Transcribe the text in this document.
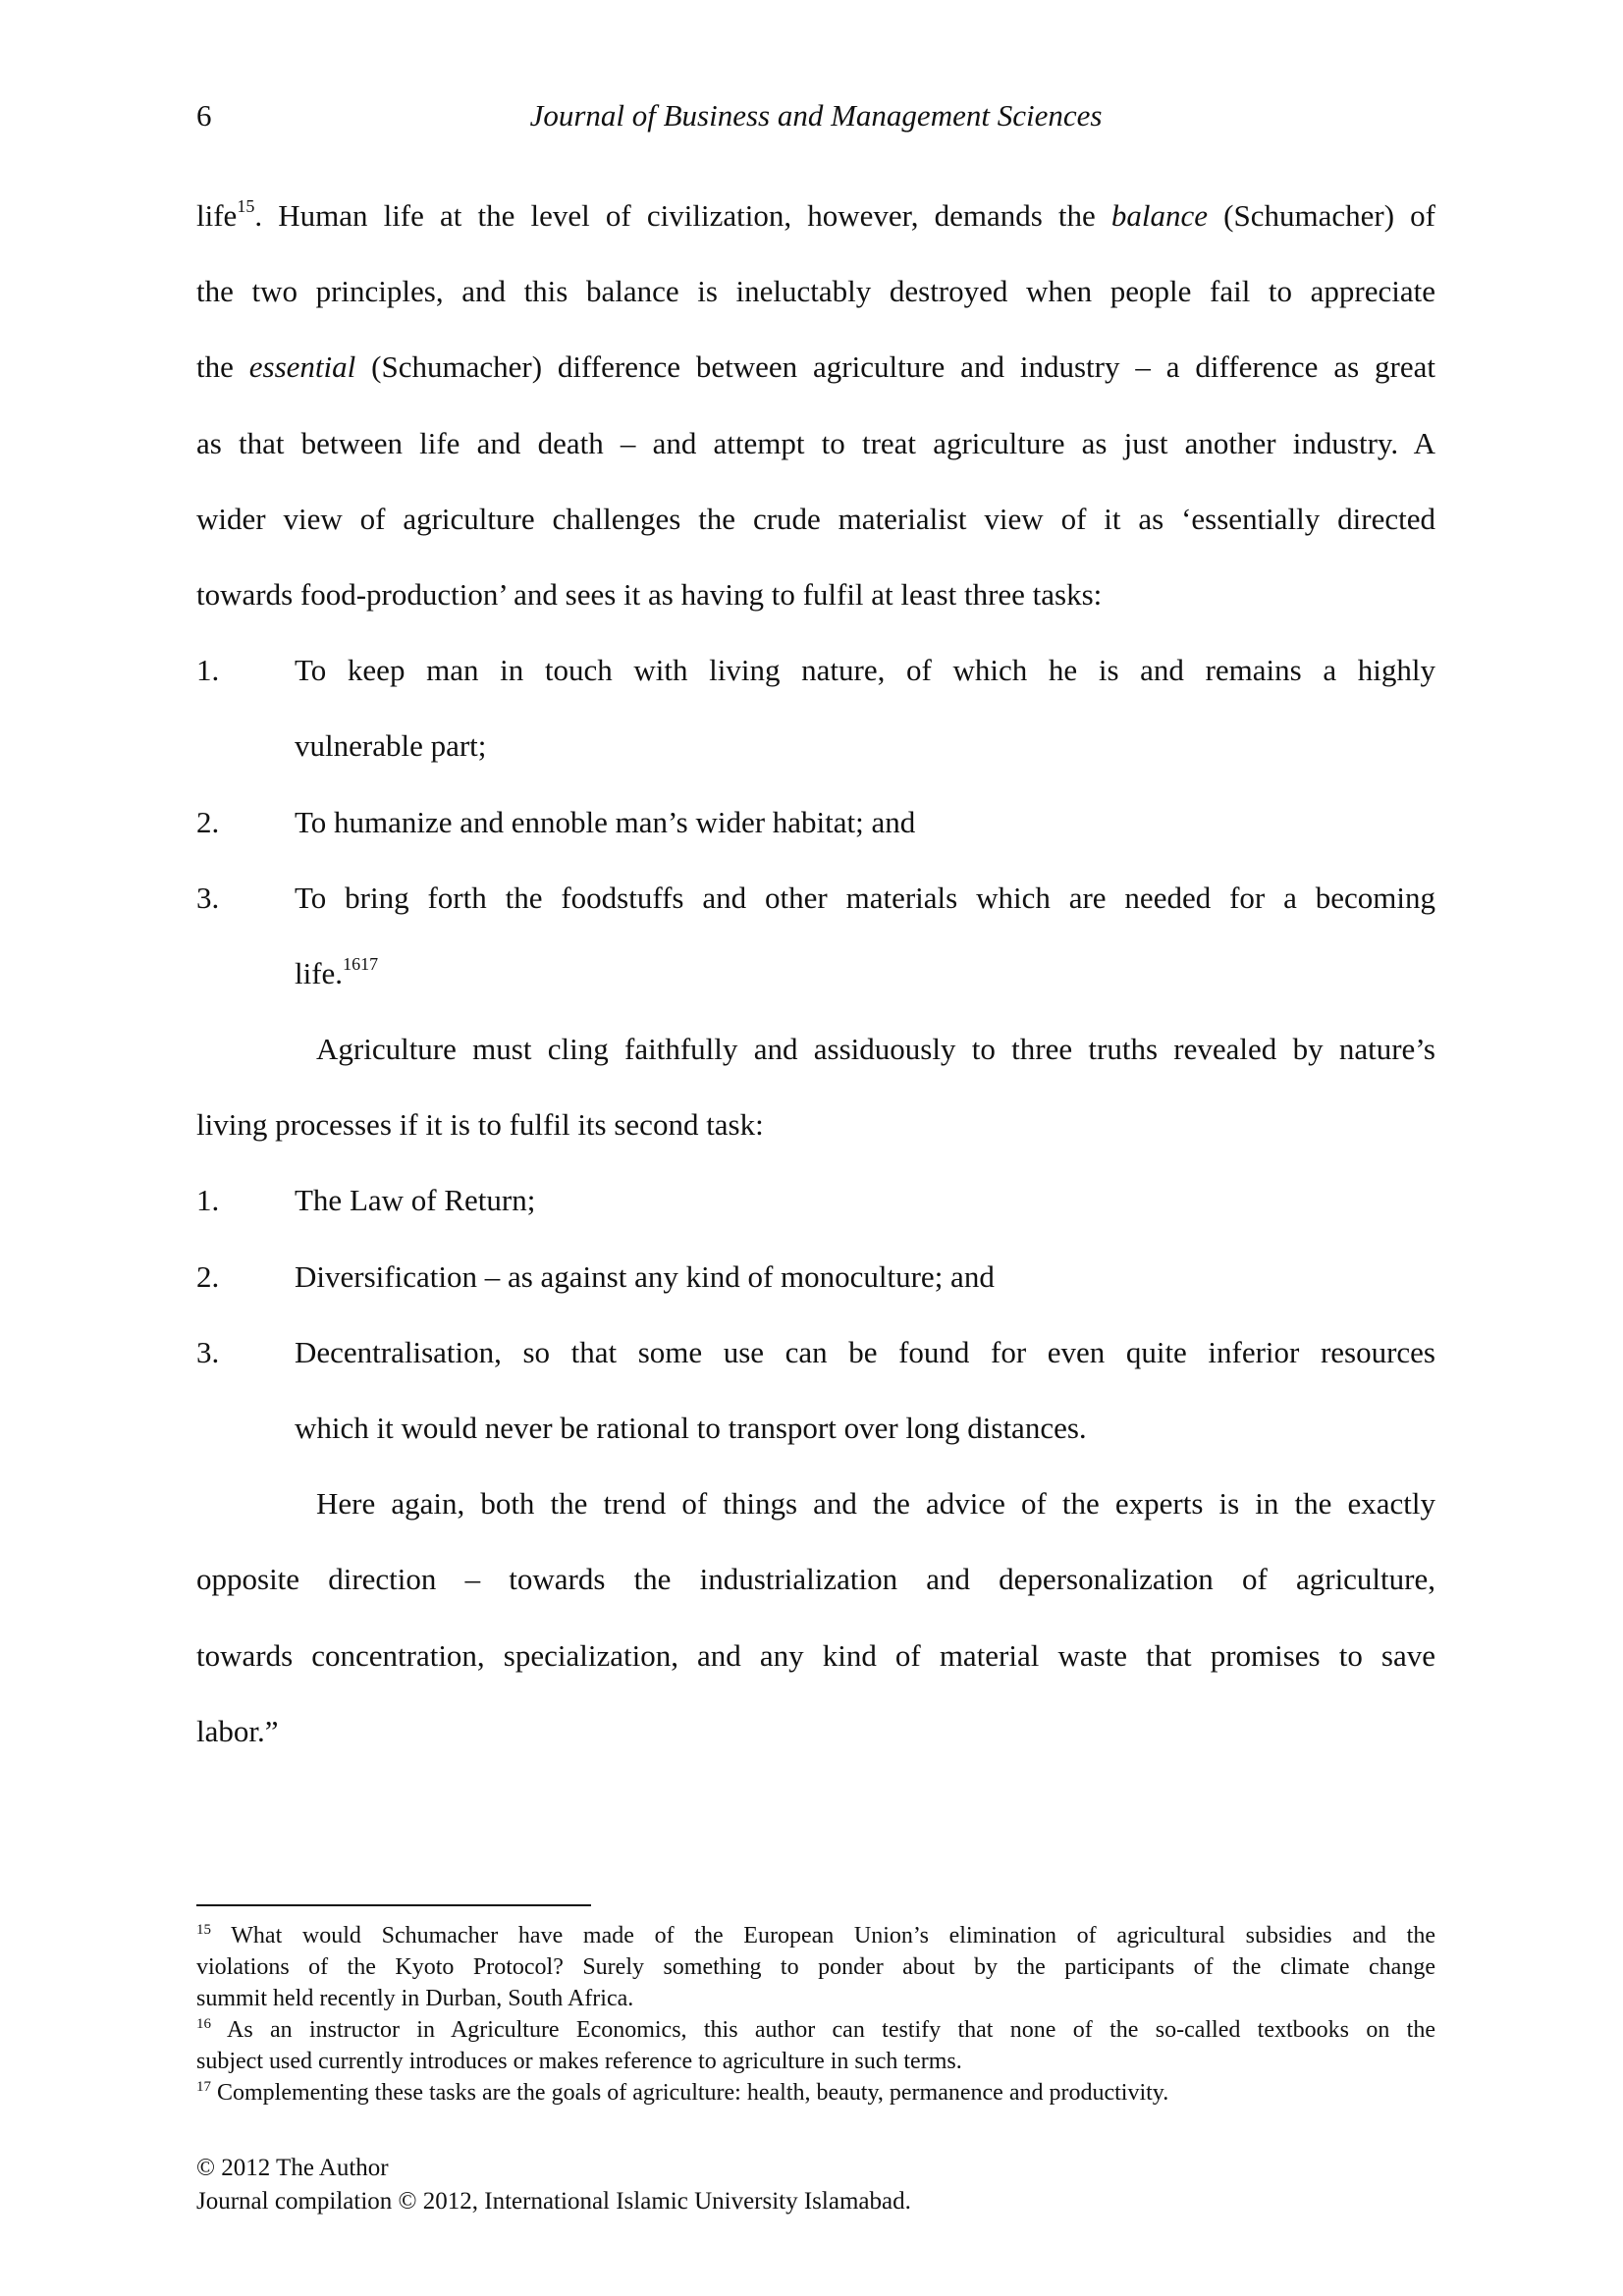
6	Journal of Business and Management Sciences
life$^{15}$. Human life at the level of civilization, however, demands the balance (Schumacher) of
the two principles, and this balance is ineluctably destroyed when people fail to appreciate
the essential (Schumacher) difference between agriculture and industry – a difference as great
as that between life and death – and attempt to treat agriculture as just another industry. A
wider view of agriculture challenges the crude materialist view of it as ‘essentially directed
towards food-production’ and sees it as having to fulfil at least three tasks:
1. To keep man in touch with living nature, of which he is and remains a highly
vulnerable part;
2. To humanize and ennoble man’s wider habitat; and
3. To bring forth the foodstuffs and other materials which are needed for a becoming
life.$^{1617}$
Agriculture must cling faithfully and assiduously to three truths revealed by nature’s
living processes if it is to fulfil its second task:
1. The Law of Return;
2. Diversification – as against any kind of monoculture; and
3. Decentralisation, so that some use can be found for even quite inferior resources
which it would never be rational to transport over long distances.
Here again, both the trend of things and the advice of the experts is in the exactly
opposite direction – towards the industrialization and depersonalization of agriculture,
towards concentration, specialization, and any kind of material waste that promises to save
labor.”
$^{15}$ What would Schumacher have made of the European Union’s elimination of agricultural subsidies and the
violations of the Kyoto Protocol? Surely something to ponder about by the participants of the climate change
summit held recently in Durban, South Africa.
$^{16}$ As an instructor in Agriculture Economics, this author can testify that none of the so-called textbooks on the
subject used currently introduces or makes reference to agriculture in such terms.
$^{17}$ Complementing these tasks are the goals of agriculture: health, beauty, permanence and productivity.
© 2012 The Author
Journal compilation © 2012, International Islamic University Islamabad.
